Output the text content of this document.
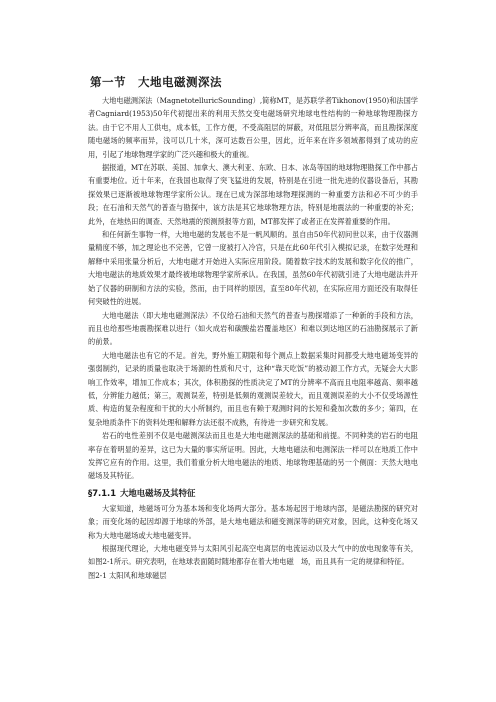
第一节 大地电磁测深法

大地电磁测深法（MagnetotelluricSounding）,简称MT，是苏联学者Tikhonov(1950)和法国学者Cagniard(1953)50年代初提出来的利用天然交变电磁场研究地球电性结构的一种地球物理勘探方法。由于它不用人工供电，成本低，工作方便，不受高阻层的屏蔽，对低阻层分辨率高，而且勘探深度随电磁场的频率而异，浅可以几十米，深可达数百公里，因此，近年来在许多领域都得到了成功的应用，引起了地球物理学家的广泛兴趣和极大的重视。

据报道，MT在苏联、美国、加拿大、澳大利亚、东欧、日本、冰岛等国的地球物理勘探工作中都占有重要地位。近十年来，在我国也取得了突飞猛进的发展，特别是在引进一批先进的仪器设备后，其勘探效果已逐渐被地球物理学家所公认。现在已成为深部地球物理探测的一种重要方法和必不可少的手段；在石油和天然气的普查与勘探中，该方法是其它地球物理方法，特别是地震法的一种重要的补充；此外，在地热田的调查、天然地震的预测预报等方面，MT都发挥了或者正在发挥着重要的作用。

和任何新生事物一样，大地电磁的发展也不是一帆风顺的。虽自由50年代初问世以来，由于仪器测量精度不够，加之理论也不完善，它曾一度被打入冷宫，只是在此60年代引入模拟记录，在数字处理和解释中采用张量分析后，大地电磁才开始进入实际应用阶段。随着数字技术的发展和数字化仪的推广，大地电磁法的地质效果才最终被地球物理学家所承认。在我国，虽然60年代初就引进了大地电磁法并开始了仪器的研制和方法的实验，然而，由于同样的原因，直至80年代初，在实际应用方面还没有取得任何突破性的进展。

大地电磁法（即大地电磁测深法）不仅给石油和天然气的普查与勘探增添了一种新的手段和方法，而且也给那些地震勘探难以进行（如火成岩和碳酸盐岩覆盖地区）和难以到达地区的石油勘探展示了新的前景。

大地电磁法也有它的不足。首先，野外施工期限和每个测点上数据采集时间都受大地电磁场变异的强弱制约，记录的质量也取决于场源的性质和尺寸，这种“靠天吃饭”的被动源工作方式，无疑会大大影响工作效率，增加工作成本；其次，体积勘探的性质决定了MT的分辨率不高而且电阻率越高、频率越低，分辨能力越低；第三，观测误差，特别是低频的观测误差较大，而且观测误差的大小不仅受场源性质、构造的复杂程度和干扰的大小所制约，而且也有赖于观测时间的长短和叠加次数的多少；第四，在复杂地质条件下的资料处理和解释方法还很不成熟，有待进一步研究和发展。

岩石的电性差别不仅是电磁测深法而且也是大地电磁测深法的基础和前提。不同种类的岩石的电阻率存在着明显的差异，这已为大量的事实所证明。因此，大地电磁法和电测深法一样可以在地质工作中发挥它应有的作用。这里，我们着重分析大地电磁法的地质、地球物理基础的另一个侧面：天然大地电磁场及其特征。

§7.1.1 大地电磁场及其特征

大家知道，地磁场可分为基本场和变化场两大部分。基本场起因于地球内部，是磁法勘探的研究对象；而变化场的起因却源于地球的外部，是大地电磁法和磁变测深等的研究对象，因此，这种变化场又称为大地电磁场或大地电磁变异。

根据现代理论，大地电磁变异与太阳风引起高空电离层的电流运动以及大气中的放电现象等有关，如图2-1所示。研究表明，在地球表面随时随地都存在着大地电磁　场，而且具有一定的规律和特征。

图2-1 太阳风和地球磁层
